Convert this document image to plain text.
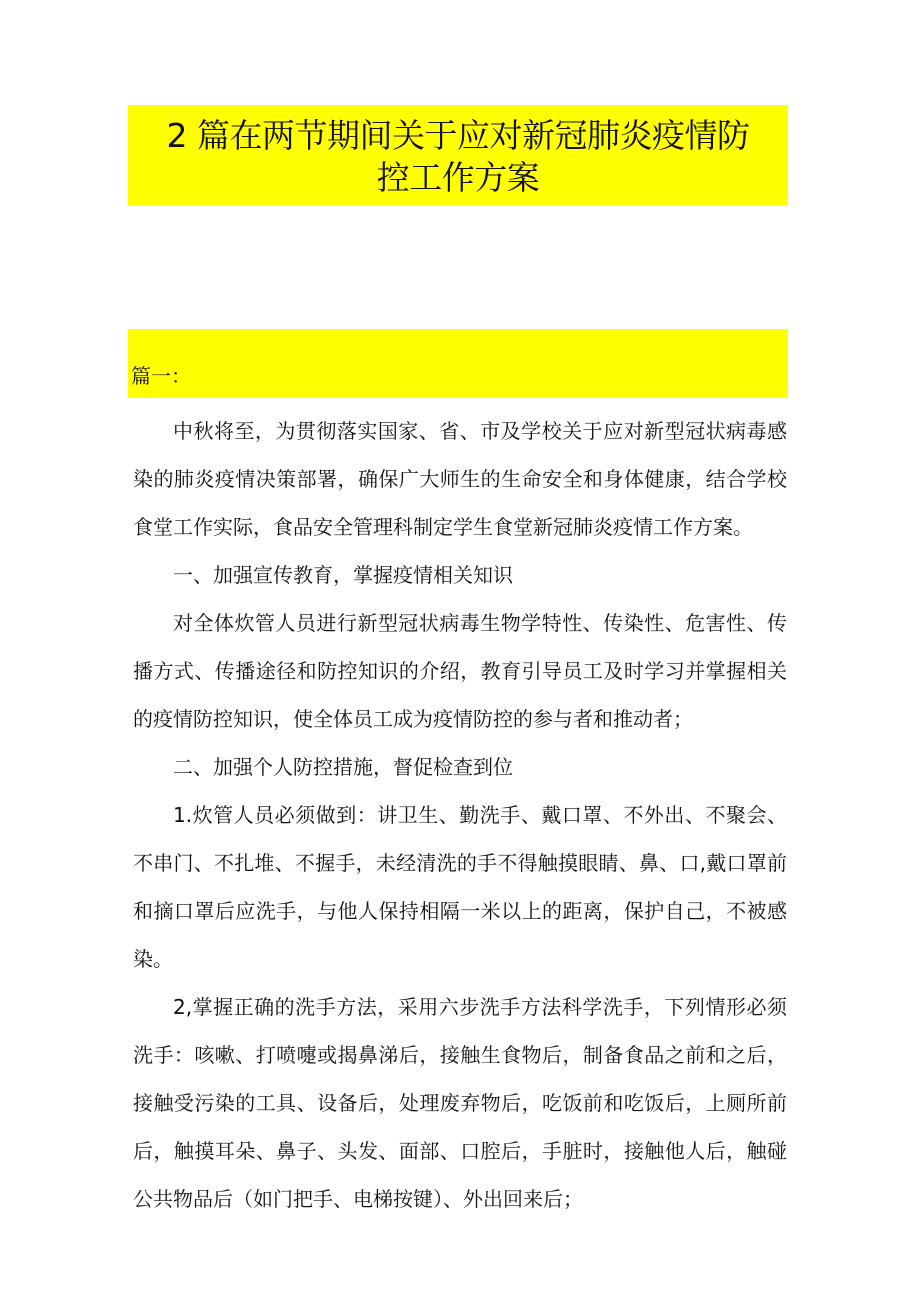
2 篇在两节期间关于应对新冠肺炎疫情防
控工作方案
篇一：

中秋将至，为贯彻落实国家、省、市及学校关于应对新型冠状病毒感染的肺炎疫情决策部署，确保广大师生的生命安全和身体健康，结合学校食堂工作实际，食品安全管理科制定学生食堂新冠肺炎疫情工作方案。

一、加强宣传教育，掌握疫情相关知识

对全体炊管人员进行新型冠状病毒生物学特性、传染性、危害性、传播方式、传播途径和防控知识的介绍，教育引导员工及时学习并掌握相关的疫情防控知识，使全体员工成为疫情防控的参与者和推动者；

二、加强个人防控措施，督促检查到位

1.炊管人员必须做到：讲卫生、勤洗手、戴口罩、不外出、不聚会、不串门、不扎堆、不握手，未经清洗的手不得触摸眼睛、鼻、口,戴口罩前和摘口罩后应洗手，与他人保持相隔一米以上的距离，保护自己，不被感染。

2,掌握正确的洗手方法，采用六步洗手方法科学洗手，下列情形必须洗手：咳嗽、打喷嚏或揭鼻涕后，接触生食物后，制备食品之前和之后，接触受污染的工具、设备后，处理废弃物后，吃饭前和吃饭后，上厕所前后，触摸耳朵、鼻子、头发、面部、口腔后，手脏时，接触他人后，触碰公共物品后（如门把手、电梯按键）、外出回来后；
